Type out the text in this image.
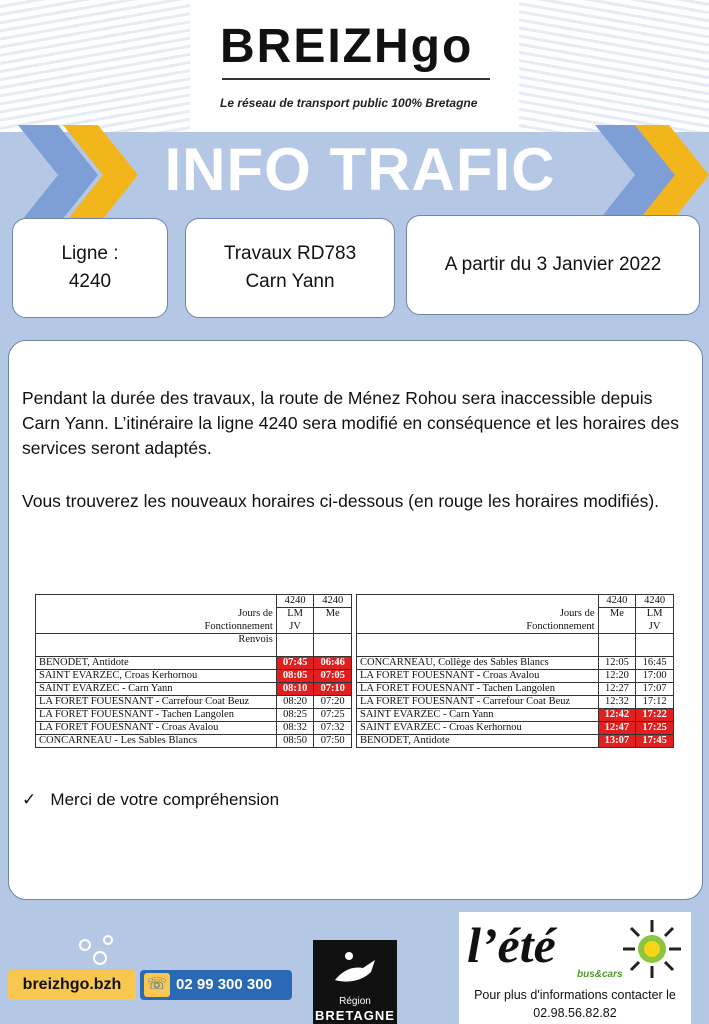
BREIZHgo
Le réseau de transport public 100% Bretagne
INFO TRAFIC
Ligne :
4240
Travaux RD783
Carn Yann
A partir du 3 Janvier 2022
Pendant la durée des travaux, la route de Ménez Rohou sera inaccessible depuis Carn Yann. L’itinéraire la ligne 4240 sera modifié en conséquence et les horaires des services seront adaptés.
Vous trouverez les nouveaux horaires ci-dessous (en rouge les horaires modifiés).
	4240	4240
Jours de	LM	Me
Fonctionnement	JV	
Renvois		

BENODET, Antidote	07:45	06:46
SAINT EVARZEC, Croas Kerhornou	08:05	07:05
SAINT EVARZEC - Carn Yann	08:10	07:10
LA FORET FOUESNANT - Carrefour Coat Beuz	08:20	07:20
LA FORET FOUESNANT - Tachen Langolen	08:25	07:25
LA FORET FOUESNANT - Croas Avalou	08:32	07:32
CONCARNEAU - Les Sables Blancs	08:50	07:50
	4240	4240
Jours de	Me	LM
Fonctionnement		JV

CONCARNEAU, Collège des Sables Blancs	12:05	16:45
LA FORET FOUESNANT - Croas Avalou	12:20	17:00
LA FORET FOUESNANT - Tachen Langolen	12:27	17:07
LA FORET FOUESNANT - Carrefour Coat Beuz	12:32	17:12
SAINT EVARZEC - Carn Yann	12:42	17:22
SAINT EVARZEC - Croas Kerhornou	12:47	17:25
BENODET, Antidote	13:07	17:45
✓   Merci de votre compréhension
breizhgo.bzh	02 99 300 300
☏
Région
BRETAGNE
l’été
bus&cars
Pour plus d'informations contacter le
02.98.56.82.82
